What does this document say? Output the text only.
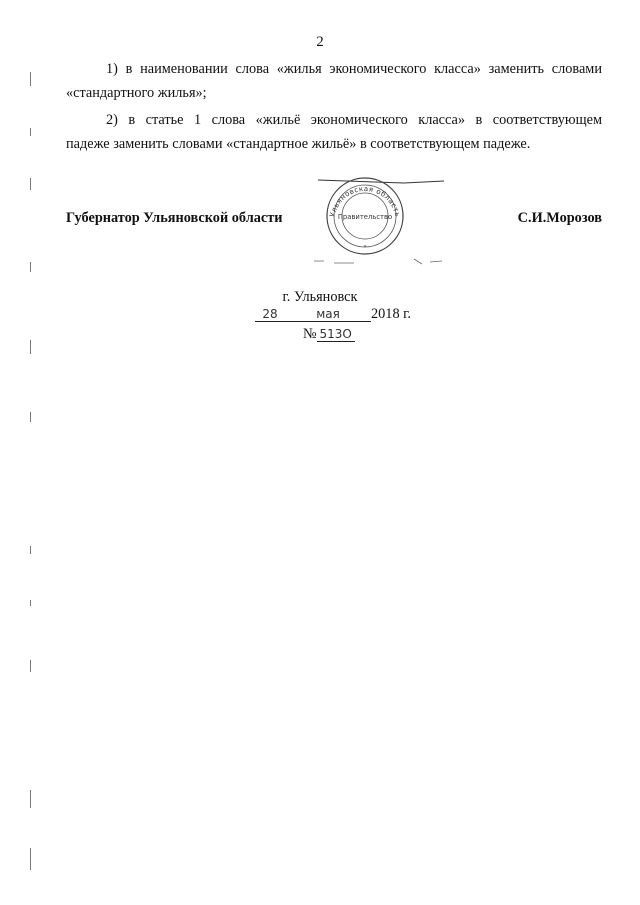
2
1) в наименовании слова «жилья экономического класса» заменить словами
«стандартного жилья»;
2) в статье 1 слова «жильё экономического класса» в соответствующем
падеже заменить словами «стандартное жильё» в соответствующем падеже.
Губернатор Ульяновской области	С.И.Морозов
Правительство
Ульяновская область
*
г. Ульяновск
28	мая 2018 г.
№ 513O
